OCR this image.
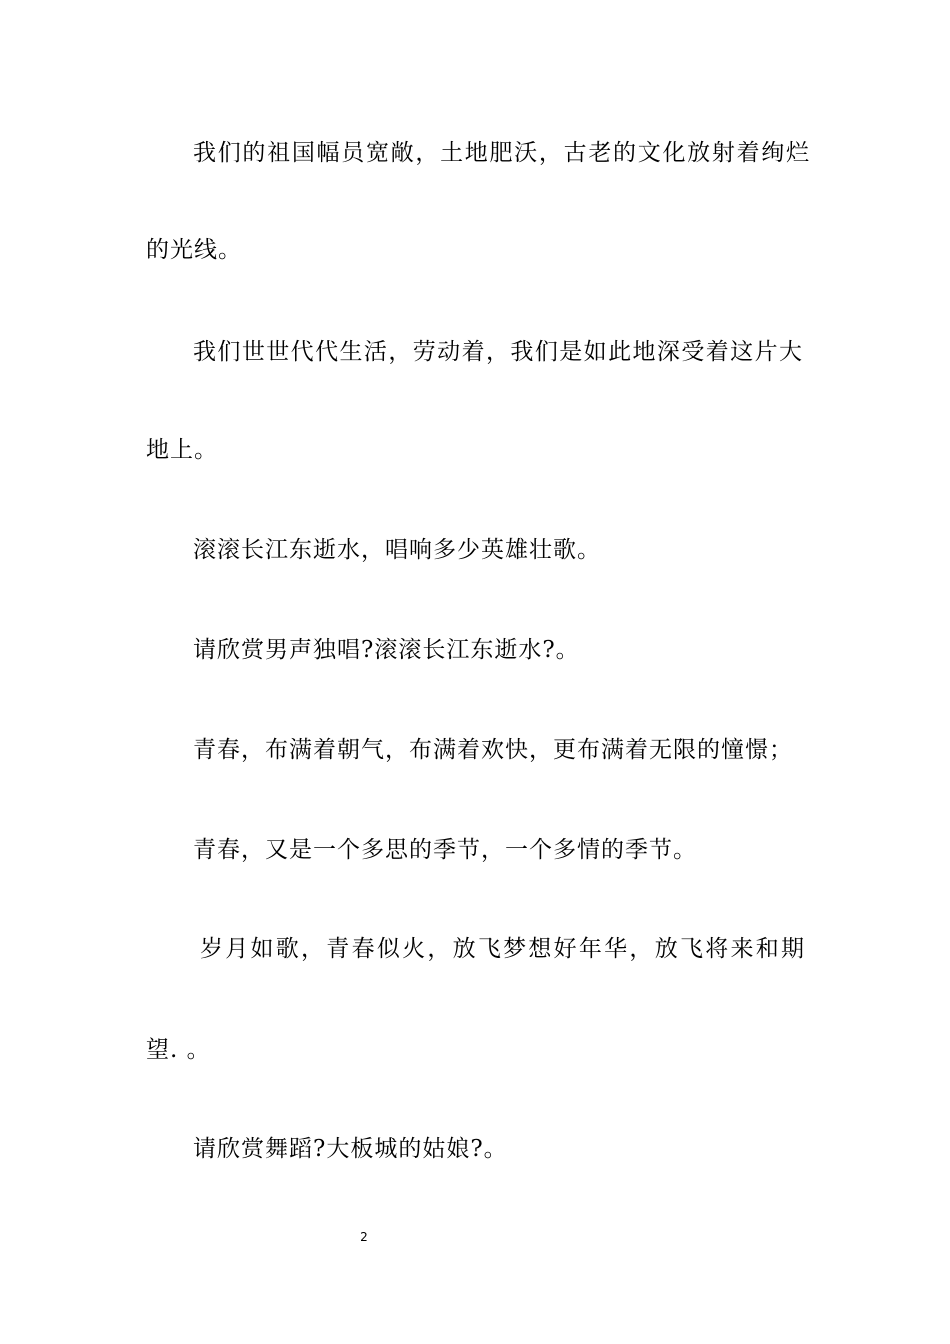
我们的祖国幅员宽敞，土地肥沃，古老的文化放射着绚烂
的光线。
我们世世代代生活，劳动着，我们是如此地深受着这片大
地上。
滚滚长江东逝水，唱响多少英雄壮歌。
请欣赏男声独唱?滚滚长江东逝水?。
青春，布满着朝气，布满着欢快，更布满着无限的憧憬；
青春，又是一个多思的季节，一个多情的季节。
岁月如歌，青春似火，放飞梦想好年华，放飞将来和期
望. 。
请欣赏舞蹈?大板城的姑娘?。
2
